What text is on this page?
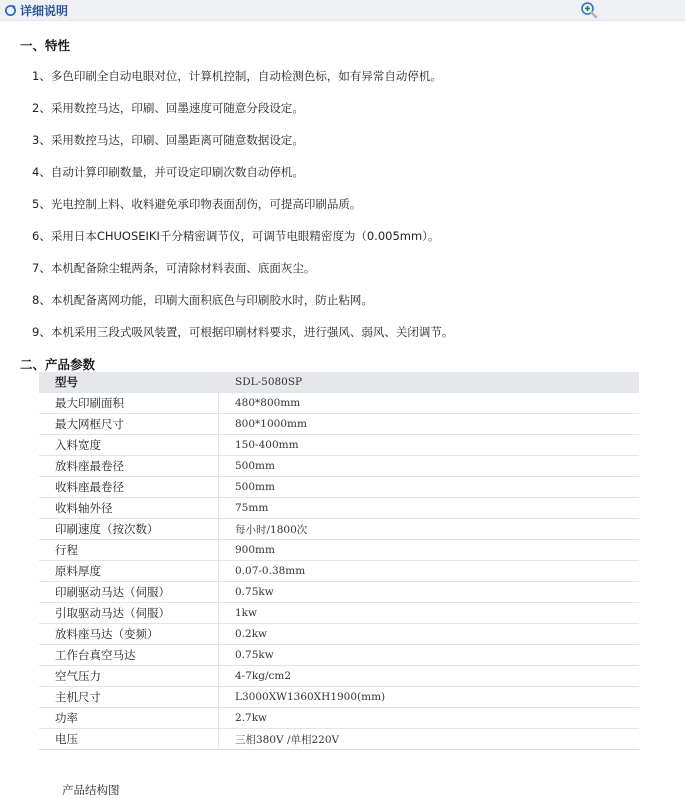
详细说明
一、特性
1、多色印刷全自动电眼对位，计算机控制，自动检测色标，如有异常自动停机。
2、采用数控马达，印刷、回墨速度可随意分段设定。
3、采用数控马达，印刷、回墨距离可随意数据设定。
4、自动计算印刷数量，并可设定印刷次数自动停机。
5、光电控制上料、收料避免承印物表面刮伤，可提高印刷品质。
6、采用日本CHUOSEIKI千分精密调节仪，可调节电眼精密度为（0.005mm）。
7、本机配备除尘辊两条，可清除材料表面、底面灰尘。
8、本机配备离网功能，印刷大面积底色与印刷胶水时，防止粘网。
9、本机采用三段式吸风装置，可根据印刷材料要求，进行强风、弱风、关闭调节。
二、产品参数
型号	SDL-5080SP
最大印刷面积	480*800mm
最大网框尺寸	800*1000mm
入料宽度	150-400mm
放料座最卷径	500mm
收料座最卷径	500mm
收料轴外径	75mm
印刷速度（按次数）	每小时/1800次
行程	900mm
原料厚度	0.07-0.38mm
印刷驱动马达（伺服）	0.75kw
引取驱动马达（伺服）	1kw
放料座马达（变频）	0.2kw
工作台真空马达	0.75kw
空气压力	4-7kg/cm2
主机尺寸	L3000XW1360XH1900(mm)
功率	2.7kw
电压	三相380V /单相220V
产品结构图
